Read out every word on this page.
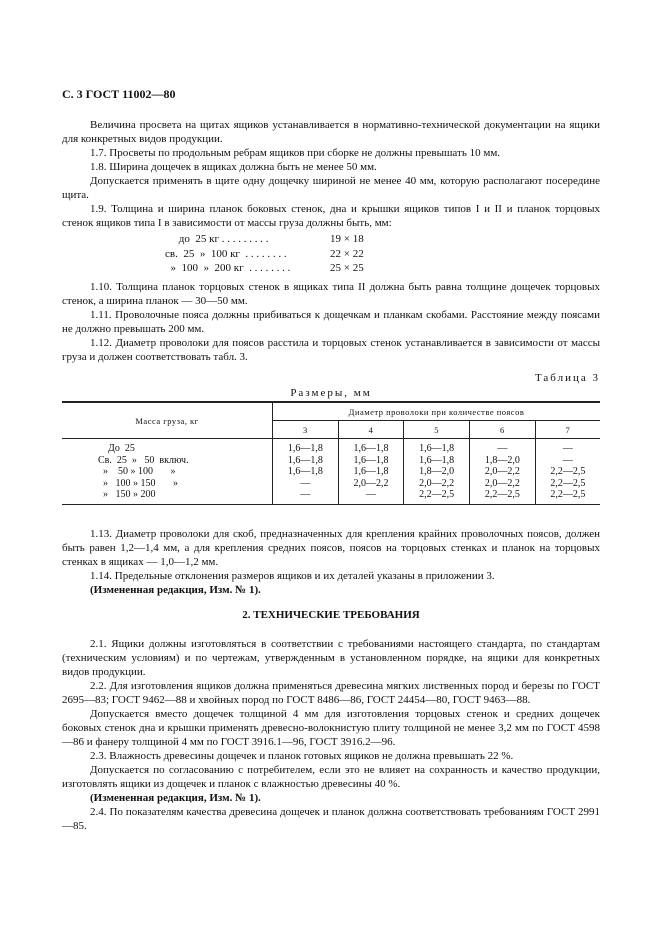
С. 3 ГОСТ 11002—80

Величина просвета на щитах ящиков устанавливается в нормативно-технической документации на ящики для конкретных видов продукции.

1.7. Просветы по продольным ребрам ящиков при сборке не должны превышать 10 мм.

1.8. Ширина дощечек в ящиках должна быть не менее 50 мм.

Допускается применять в щите одну дощечку шириной не менее 40 мм, которую располагают посередине щита.

1.9. Толщина и ширина планок боковых стенок, дна и крышки ящиков типов I и II и планок торцовых стенок ящиков типа I в зависимости от массы груза должны быть, мм:

до  25 кг . . . . . . . . .	19 × 18
св.  25  »  100 кг  . . . . . . . .	22 × 22
»  100  »  200 кг  . . . . . . . .	25 × 25

1.10. Толщина планок торцовых стенок в ящиках типа II должна быть равна толщине дощечек торцовых стенок, а ширина планок — 30—50 мм.

1.11. Проволочные пояса должны прибиваться к дощечкам и планкам скобами. Расстояние между поясами не должно превышать 200 мм.

1.12. Диаметр проволоки для поясов расстила и торцовых стенок устанавливается в зависимости от массы груза и должен соответствовать табл. 3.

Таблица 3
Размеры, мм
Масса груза, кг	Диаметр проволоки при количестве поясов				
	3	4	5	6	7

До  25	1,6—1,8	1,6—1,8	1,6—1,8	—	—
Св.  25  »   50  включ.	1,6—1,8	1,6—1,8	1,6—1,8	1,8—2,0	—
»    50 » 100       »	1,6—1,8	1,6—1,8	1,8—2,0	2,0—2,2	2,2—2,5
»   100 » 150       »	—	2,0—2,2	2,0—2,2	2,0—2,2	2,2—2,5
»   150 » 200	—	—	2,2—2,5	2,2—2,5	2,2—2,5

1.13. Диаметр проволоки для скоб, предназначенных для крепления крайних проволочных поясов, должен быть равен 1,2—1,4 мм, а для крепления средних поясов, поясов на торцовых стенках и планок на торцовых стенках в ящиках — 1,0—1,2 мм.

1.14. Предельные отклонения размеров ящиков и их деталей указаны в приложении 3.

(Измененная редакция, Изм. № 1).

2. ТЕХНИЧЕСКИЕ ТРЕБОВАНИЯ

2.1. Ящики должны изготовляться в соответствии с требованиями настоящего стандарта, по стандартам (техническим условиям) и по чертежам, утвержденным в установленном порядке, на ящики для конкретных видов продукции.

2.2. Для изготовления ящиков должна применяться древесина мягких лиственных пород и березы по ГОСТ 2695—83; ГОСТ 9462—88 и хвойных пород по ГОСТ 8486—86, ГОСТ 24454—80, ГОСТ 9463—88.

Допускается вместо дощечек толщиной 4 мм для изготовления торцовых стенок и средних дощечек боковых стенок дна и крышки применять древесно-волокнистую плиту толщиной не менее 3,2 мм по ГОСТ 4598—86 и фанеру толщиной 4 мм по ГОСТ 3916.1—96, ГОСТ 3916.2—96.

2.3. Влажность древесины дощечек и планок готовых ящиков не должна превышать 22 %.

Допускается по согласованию с потребителем, если это не влияет на сохранность и качество продукции, изготовлять ящики из дощечек и планок с влажностью древесины 40 %.

(Измененная редакция, Изм. № 1).

2.4. По показателям качества древесина дощечек и планок должна соответствовать требованиям ГОСТ 2991—85.
